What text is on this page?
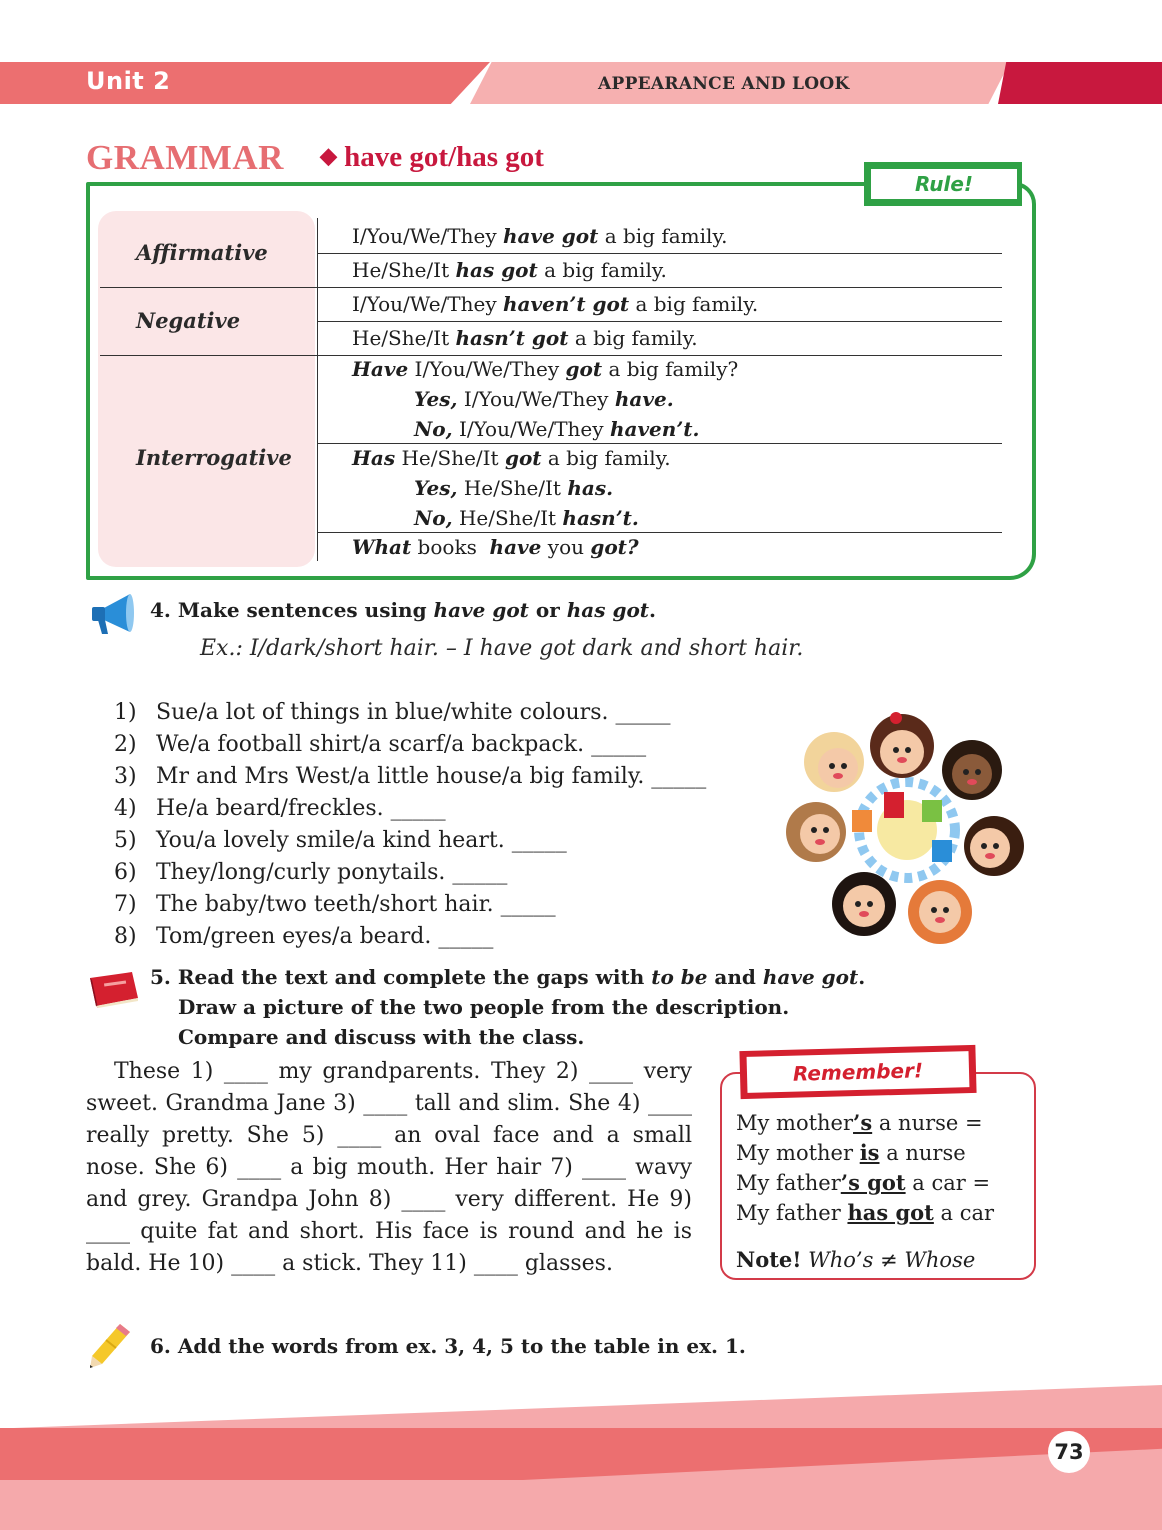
Unit 2	APPEARANCE AND LOOK
GRAMMAR ◆ have got/has got
Rule!
Affirmative
Negative
Interrogative
I/You/We/They have got a big family.
He/She/It has got a big family.
I/You/We/They haven’t got a big family.
He/She/It hasn’t got a big family.
Have I/You/We/They got a big family?
Yes, I/You/We/They have.
No, I/You/We/They haven’t.
Has He/She/It got a big family.
Yes, He/She/It has.
No, He/She/It hasn’t.
What books  have you got?
4. Make sentences using have got or has got.
Ex.: I/dark/short hair. – I have got dark and short hair.
1) Sue/a lot of things in blue/white colours. _____
2) We/a football shirt/a scarf/a backpack. _____
3) Mr and Mrs West/a little house/a big family. _____
4) He/a beard/freckles. _____
5) You/a lovely smile/a kind heart. _____
6) They/long/curly ponytails. _____
7) The baby/two teeth/short hair. _____
8) Tom/green eyes/a beard. _____
5. Read the text and complete the gaps with to be and have got.
Draw a picture of the two people from the description.
Compare and discuss with the class.
These 1) ____ my grandparents. They 2) ____ very sweet. Grandma Jane 3) ____ tall and slim. She 4) ____ really pretty. She 5) ____ an oval face and a small nose. She 6) ____ a big mouth. Her hair 7) ____ wavy and grey. Grandpa John 8) ____ very different. He 9) ____ quite fat and short. His face is round and he is bald. He 10) ____ a stick. They 11) ____ glasses.
Remember!
My mother’s a nurse =
My mother is a nurse
My father’s got a car =
My father has got a car
Note! Who’s ≠ Whose
6. Add the words from ex. 3, 4, 5 to the table in ex. 1.
73
